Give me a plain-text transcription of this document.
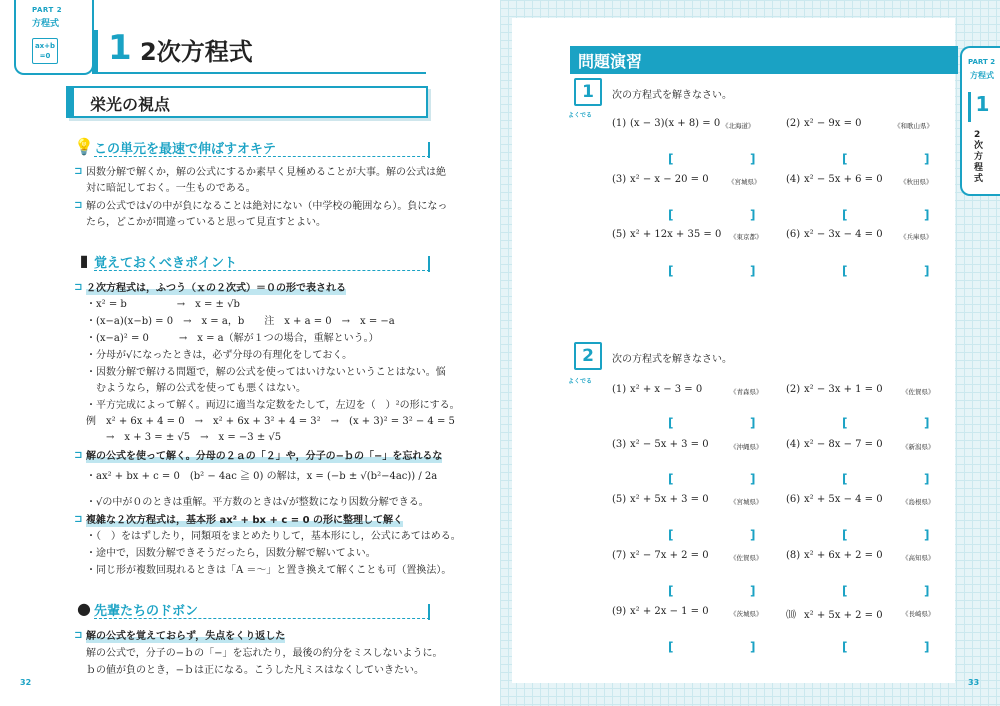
PART 2
方程式
ax+b =0 1 2次方程式
栄光の視点
💡 この単元を最速で伸ばすオキテ
⊐ 因数分解で解くか，解の公式にするか素早く見極めることが大事。解の公式は絶
対に暗記しておく。一生ものである。
⊐ 解の公式では√の中が負になることは絶対にない（中学校の範囲なら）。負になっ
たら，どこかが間違っていると思って見直すとよい。
▮ 覚えておくべきポイント
⊐ ２次方程式は，ふつう（ｘの２次式）＝０の形で表される
・x² = b　　　　　→　x = ± √b
・(x−a)(x−b) = 0　→　x = a，b　　注　x + a = 0　→　x = −a
・(x−a)² = 0　　　→　x = a（解が１つの場合，重解という。）
・分母が√になったときは，必ず分母の有理化をしておく。
・因数分解で解ける問題で，解の公式を使ってはいけないということはない。悩
　むようなら，解の公式を使っても悪くはない。
・平方完成によって解く。両辺に適当な定数をたして，左辺を（　）²の形にする。
例　x² + 6x + 4 = 0　→　x² + 6x + 3² + 4 = 3²　→　(x + 3)² = 3² − 4 = 5
　　→　x + 3 = ± √5　→　x = −3 ± √5
⊐ 解の公式を使って解く。分母の２ａの「２」や，分子の−ｂの「−」を忘れるな
・ax² + bx + c = 0　(b² − 4ac ≧ 0) の解は，x = (−b ± √(b²−4ac)) / 2a
・√の中が０のときは重解。平方数のときは√が整数になり因数分解できる。
⊐ 複雑な２次方程式は，基本形 ax² + bx + c = 0 の形に整理して解く
・（　）をはずしたり，同類項をまとめたりして，基本形にし，公式にあてはめる。
・途中で，因数分解できそうだったら，因数分解で解いてよい。
・同じ形が複数回現れるときは「A ＝〜」と置き換えて解くことも可（置換法）。
● 先輩たちのドボン
⊐ 解の公式を覚えておらず，失点をくり返した
解の公式で，分子の−ｂの「−」を忘れたり，最後の約分をミスしないように。
ｂの値が負のとき，−ｂは正になる。こうした凡ミスはなくしていきたい。
32
問題演習
1	次の方程式を解きなさい。
よくでる
(1) (x − 3)(x + 8) = 0 《北海道》	(2) x² − 9x = 0	《和歌山県》
[	]	[	]
(3) x² − x − 20 = 0	《宮城県》	(4) x² − 5x + 6 = 0	《秋田県》
[	]	[	]
(5) x² + 12x + 35 = 0 《東京都》 (6) x² − 3x − 4 = 0	《兵庫県》
[	]	[	]
2	次の方程式を解きなさい。
よくでる
(1) x² + x − 3 = 0	《青森県》 (2) x² − 3x + 1 = 0	《佐賀県》
[	]	[	]
(3) x² − 5x + 3 = 0	《沖縄県》 (4) x² − 8x − 7 = 0	《新潟県》
[	]	[	]
(5) x² + 5x + 3 = 0	《宮城県》 (6) x² + 5x − 4 = 0	《島根県》
[	]	[	]
(7) x² − 7x + 2 = 0	《佐賀県》 (8) x² + 6x + 2 = 0	《高知県》
[	]	[	]
(9) x² + 2x − 1 = 0	《茨城県》 ⑽ x² + 5x + 2 = 0	《長崎県》
[	]	[	]
PART 2
方程式
1
2次方程式
33
